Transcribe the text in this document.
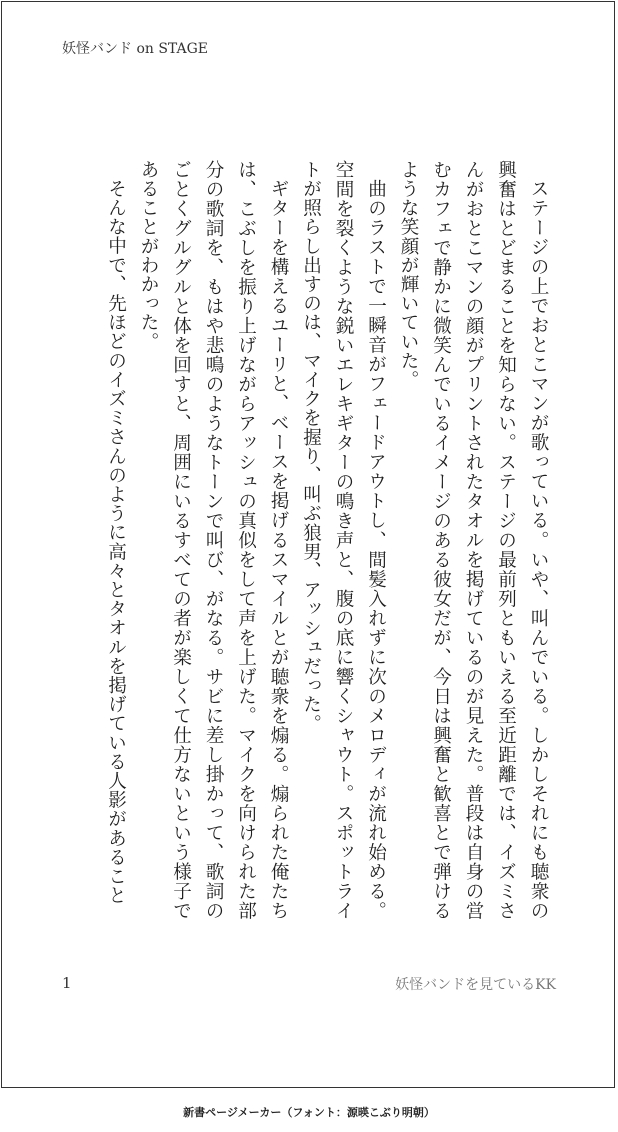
妖怪バンド on STAGE

ステージの上でおとこマンが歌っている。いや、叫んでいる。しかしそれにも聴衆の興奮はとどまることを知らない。ステージの最前列ともいえる至近距離では、イズミさんがおとこマンの顔がプリントされたタオルを掲げているのが見えた。普段は自身の営むカフェで静かに微笑んでいるイメージのある彼女だが、今日は興奮と歓喜とで弾けるような笑顔が輝いていた。

曲のラストで一瞬音がフェードアウトし、間髪入れずに次のメロディが流れ始める。空間を裂くような鋭いエレキギターの鳴き声と、腹の底に響くシャウト。スポットライトが照らし出すのは、マイクを握り、叫ぶ狼男、アッシュだった。

ギターを構えるユーリと、ベースを掲げるスマイルとが聴衆を煽る。煽られた俺たちは、こぶしを振り上げながらアッシュの真似をして声を上げた。マイクを向けられた部分の歌詞を、もはや悲鳴のようなトーンで叫び、がなる。サビに差し掛かって、歌詞のごとくグルグルと体を回すと、周囲にいるすべての者が楽しくて仕方ないという様子であることがわかった。

そんな中で、先ほどのイズミさんのように高々とタオルを掲げている人影があること

1	妖怪バンドを見ているKK
新書ページメーカー（フォント：源暎こぶり明朝）
